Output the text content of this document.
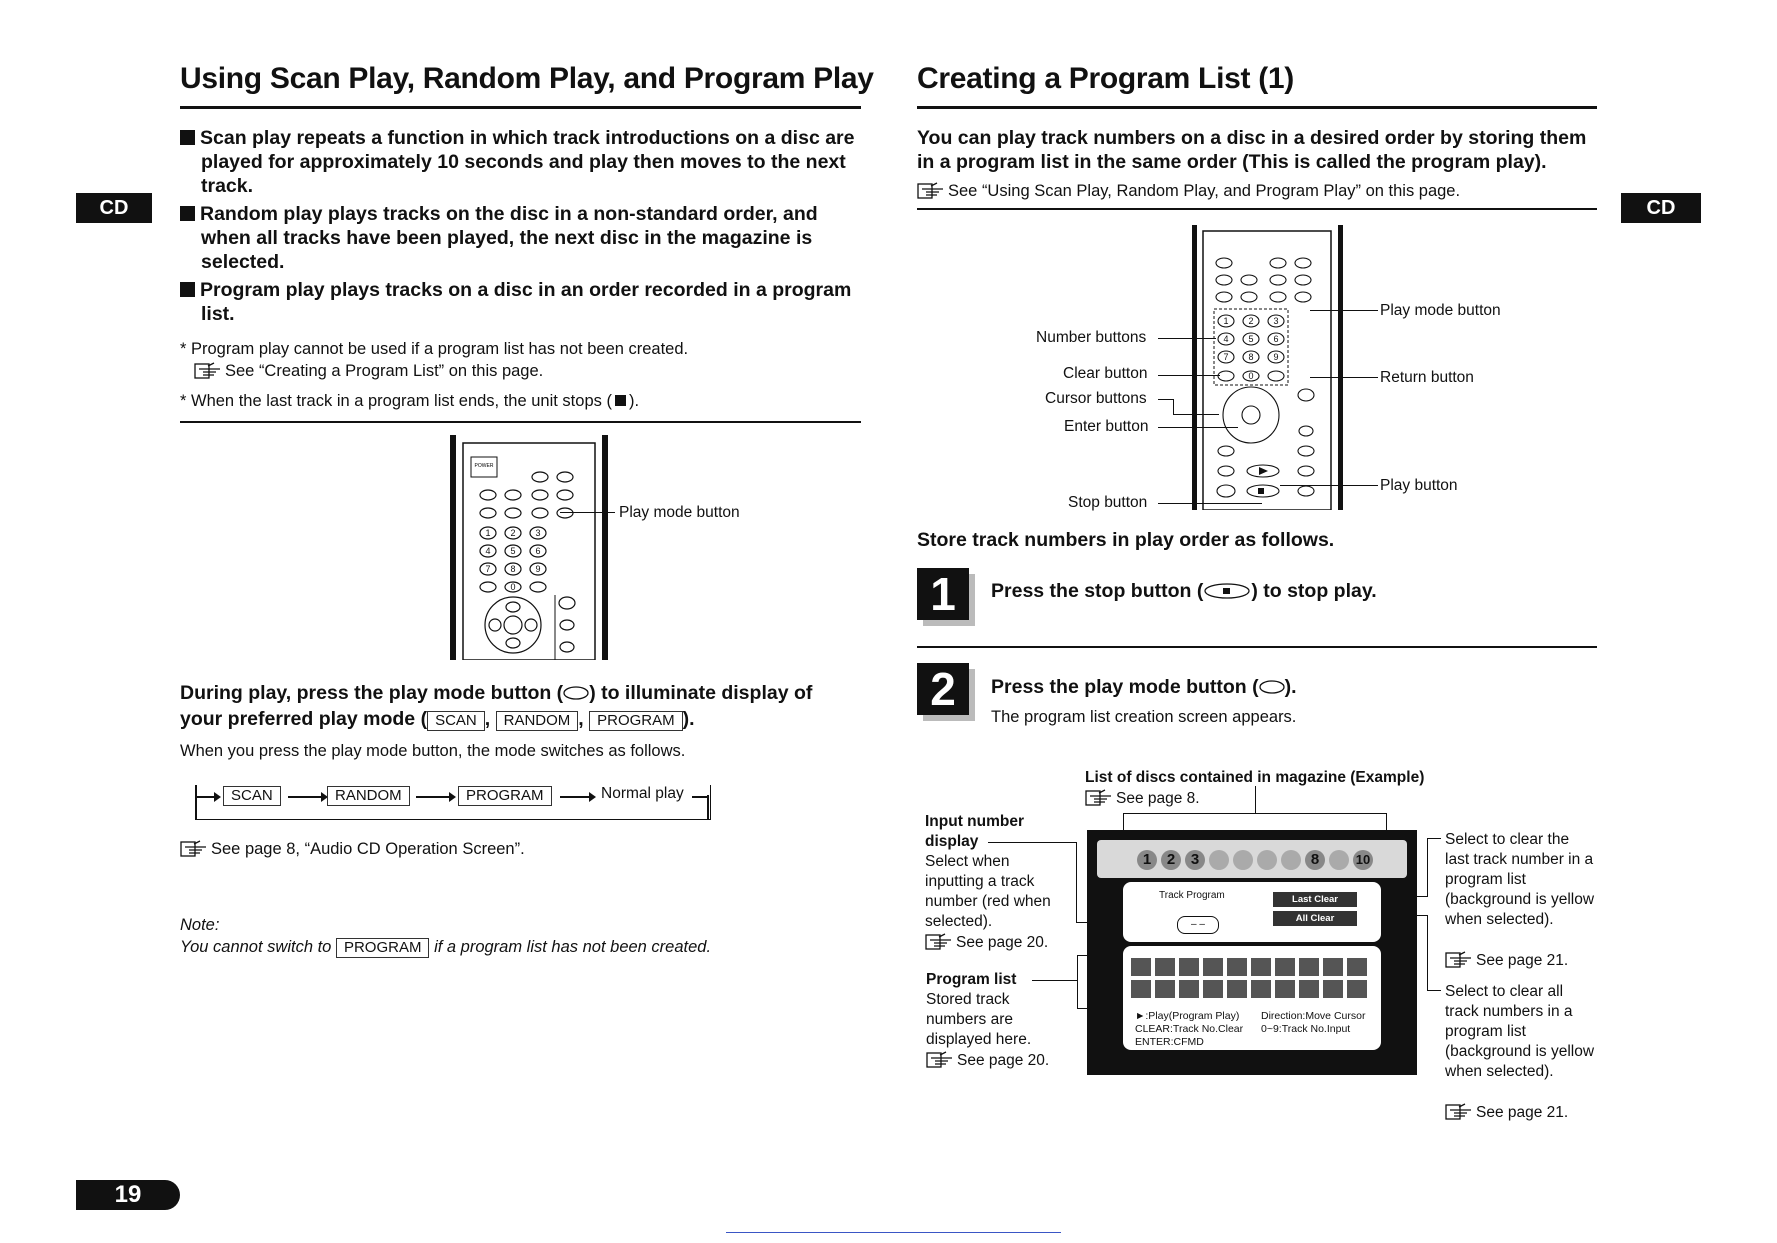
CD	CD
Using Scan Play, Random Play, and Program Play
Scan play repeats a function in which track introductions on a disc are played for approximately 10 seconds and play then moves to the next track.
Random play plays tracks on the disc in a non-standard order, and when all tracks have been played, the next disc in the magazine is selected.
Program play plays tracks on a disc in an order recorded in a program list.
* Program play cannot be used if a program list has not been created.
See “Creating a Program List” on this page.
* When the last track in a program list ends, the unit stops ( ).
POWER
1 2 3
4 5 6
7 8 9
0
Play mode button
During play, press the play mode button ( ) to illuminate display of
your preferred play mode ( SCAN , RANDOM , PROGRAM ).
When you press the play mode button, the mode switches as follows.
SCAN	RANDOM	PROGRAM	Normal play
See page 8, “Audio CD Operation Screen”.
Note:
You cannot switch to PROGRAM if a program list has not been created.
Creating a Program List (1)
You can play track numbers on a disc in a desired order by storing them in a program list in the same order (This is called the program play).
See “Using Scan Play, Random Play, and Program Play” on this page.
1 2 3
4 5 6
7 8 9
0
Number buttons
Clear button
Cursor buttons
Enter button
Stop button
Play mode button
Return button
Play button
Store track numbers in play order as follows.
1	Press the stop button ( ) to stop play.
2	Press the play mode button ( ).
The program list creation screen appears.
List of discs contained in magazine (Example)
See page 8.
Input number display
Select when inputting a track number (red when selected).
See page 20.
Program list
Stored track numbers are displayed here.
See page 20.
Select to clear the last track number in a program list (background is yellow when selected).
See page 21.
Select to clear all track numbers in a program list (background is yellow when selected).
See page 21.
1	2	3	8	10
Track Program
– –
Last Clear
All Clear
►:Play(Program Play)
CLEAR:Track No.Clear
ENTER:CFMD
Direction:Move Cursor
0~9:Track No.Input
19
